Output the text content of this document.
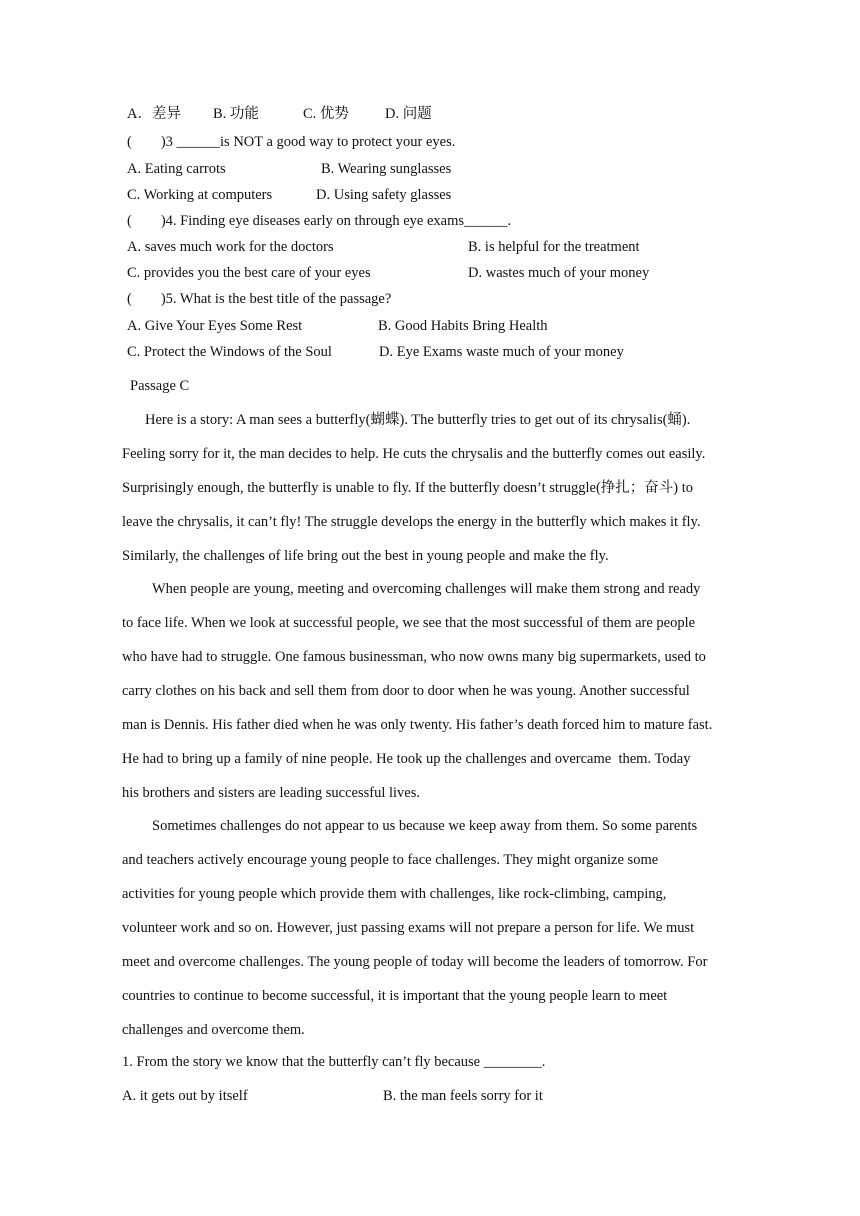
A．差异 B. 功能	C. 优势 D. 问题
(        )3 ______is NOT a good way to protect your eyes.
A. Eating carrots	B. Wearing sunglasses
C. Working at computers	D. Using safety glasses
(        )4. Finding eye diseases early on through eye exams______.
A. saves much work for the doctors	B. is helpful for the treatment
C. provides you the best care of your eyes	D. wastes much of your money
(        )5. What is the best title of the passage?
A. Give Your Eyes Some Rest	B. Good Habits Bring Health
C. Protect the Windows of the Soul	D. Eye Exams waste much of your money
Passage C
Here is a story: A man sees a butterfly(蝴蝶). The butterfly tries to get out of its chrysalis(蛹).
Feeling sorry for it, the man decides to help. He cuts the chrysalis and the butterfly comes out easily.
Surprisingly enough, the butterfly is unable to fly. If the butterfly doesn’t struggle(挣扎；奋斗) to
leave the chrysalis, it can’t fly! The struggle develops the energy in the butterfly which makes it fly.
Similarly, the challenges of life bring out the best in young people and make the fly.
When people are young, meeting and overcoming challenges will make them strong and ready
to face life. When we look at successful people, we see that the most successful of them are people
who have had to struggle. One famous businessman, who now owns many big supermarkets, used to
carry clothes on his back and sell them from door to door when he was young. Another successful
man is Dennis. His father died when he was only twenty. His father’s death forced him to mature fast.
He had to bring up a family of nine people. He took up the challenges and overcame  them. Today
his brothers and sisters are leading successful lives.
Sometimes challenges do not appear to us because we keep away from them. So some parents
and teachers actively encourage young people to face challenges. They might organize some
activities for young people which provide them with challenges, like rock-climbing, camping,
volunteer work and so on. However, just passing exams will not prepare a person for life. We must
meet and overcome challenges. The young people of today will become the leaders of tomorrow. For
countries to continue to become successful, it is important that the young people learn to meet
challenges and overcome them.
1. From the story we know that the butterfly can’t fly because ________.
A. it gets out by itself	B. the man feels sorry for it
